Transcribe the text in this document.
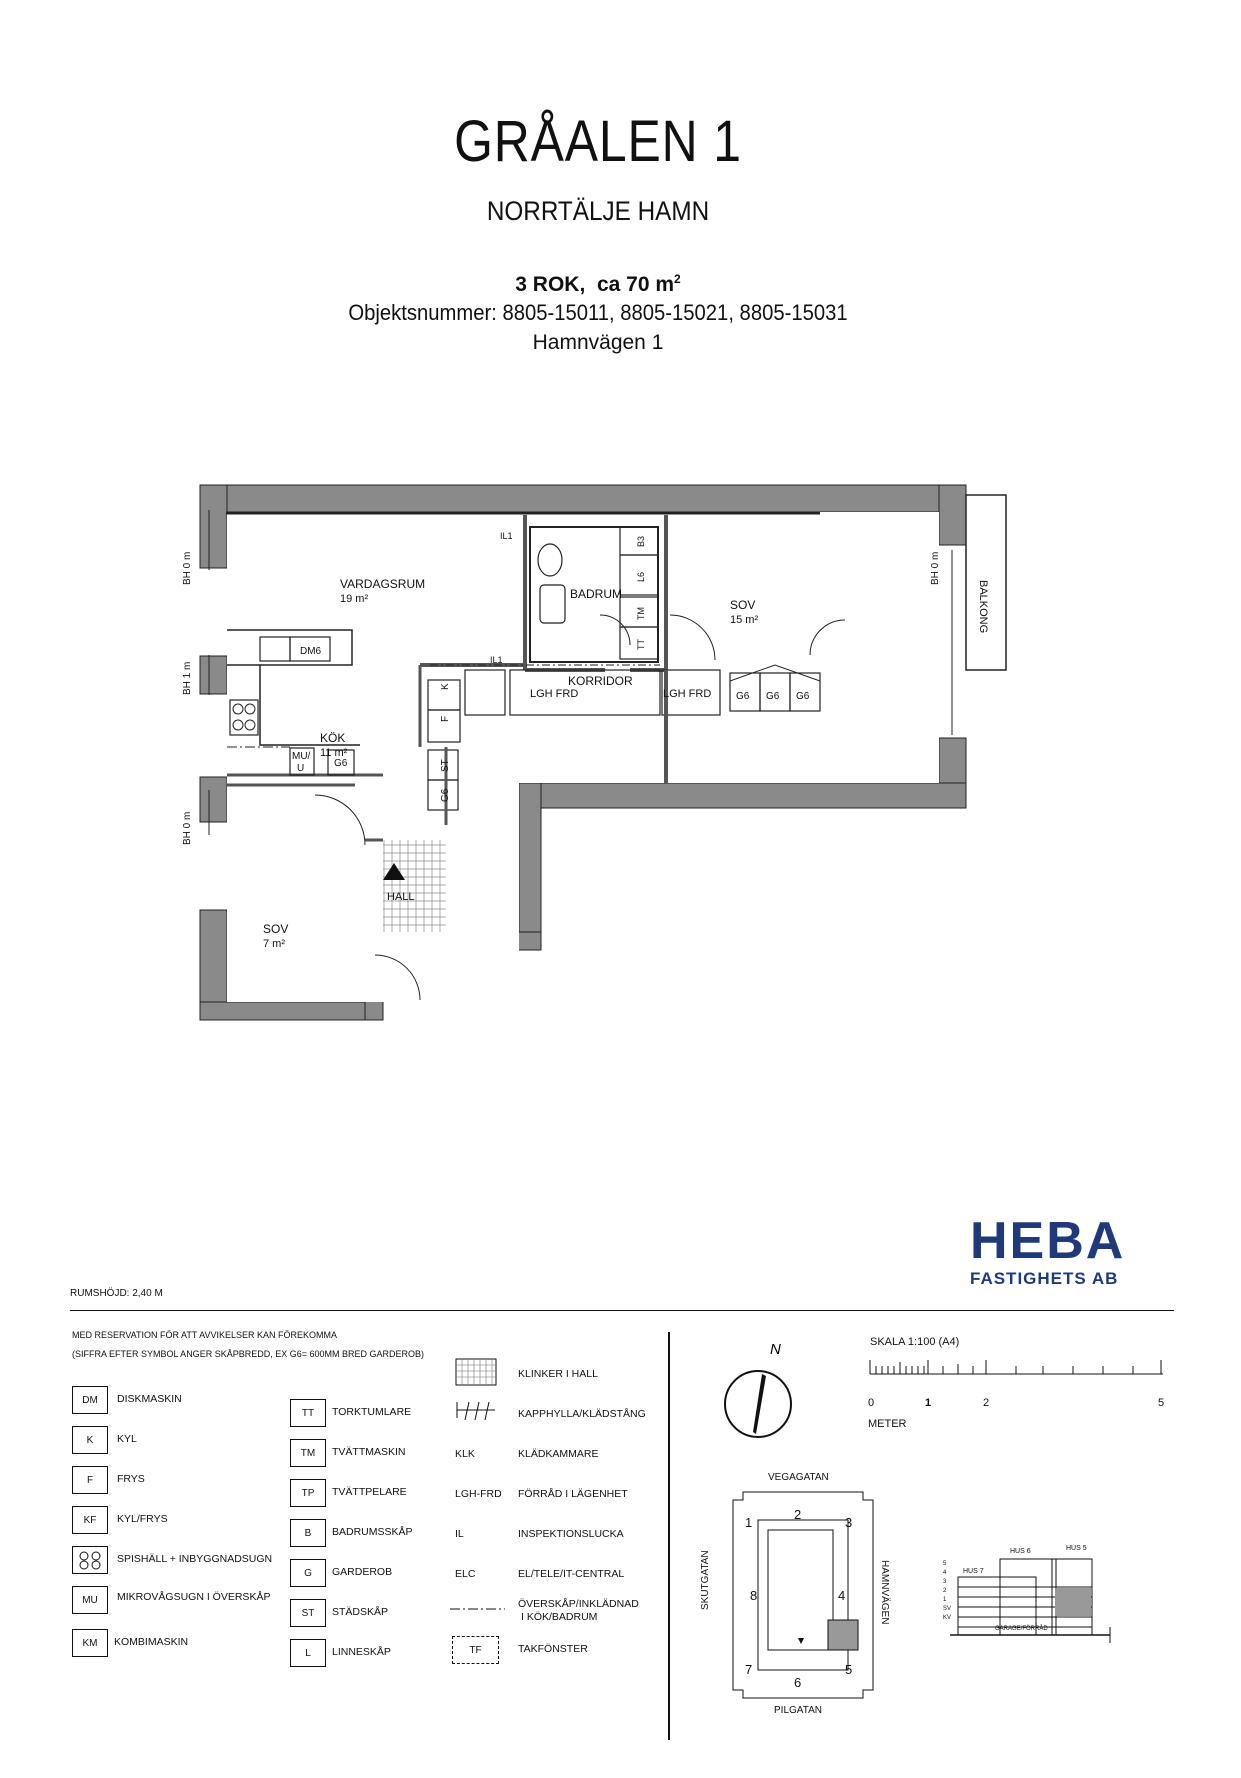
GRÅALEN 1
NORRTÄLJE HAMN
3 ROK, ca 70 $m^2$
Objektsnummer: 8805-15011, 8805-15021, 8805-15031
Hamnvägen 1
VARDAGSRUM
19 m²	BADRUM
SOV
15 m²
KORRIDOR
KÖK
11 m²
HALL
SOV
7 m²
BALKONG
BH 0 m
BH 1 m
BH 0 m
BH 0 m
IL1
IL1
DM6
MU/
U	G6
K
F
ST
G6
B3
L6
TM
TT
LGH FRD	LGH FRD G6 G6 G6
HEBA
FASTIGHETS AB
RUMSHÖJD: 2,40 M
MED RESERVATION FÖR ATT AVVIKELSER KAN FÖREKOMMA
(SIFFRA EFTER SYMBOL ANGER SKÅPBREDD, EX G6= 600MM BRED GARDEROB)
DM	DISKMASKIN
K	KYL
F	FRYS
KF	KYL/FRYS
SPISHÄLL + INBYGGNADSUGN
MU	MIKROVÅGSUGN I ÖVERSKÅP
KM	KOMBIMASKIN
TT	TORKTUMLARE
TM	TVÄTTMASKIN
TP	TVÄTTPELARE
B	BADRUMSSKÅP
G	GARDEROB
ST	STÄDSKÅP
L	LINNESKÅP
KLINKER I HALL
KAPPHYLLA/KLÄDSTÅNG
KLK	KLÄDKAMMARE
LGH-FRD FÖRRÅD I LÄGENHET
IL	INSPEKTIONSLUCKA
ELC	EL/TELE/IT-CENTRAL
ÖVERSKÅP/INKLÄDNAD
I KÖK/BADRUM
TF	TAKFÖNSTER
N	SKALA 1:100 (A4)
0	1	2	5
METER
VEGAGATAN
PILGATAN
SKUTGATAN	HAMNVÄGEN
1
2
3
4
5
6
7
8
HUS 7
HUS 6	HUS 5
5
4
3
2
1
SV
KV
GARAGE/FÖRRÅD
